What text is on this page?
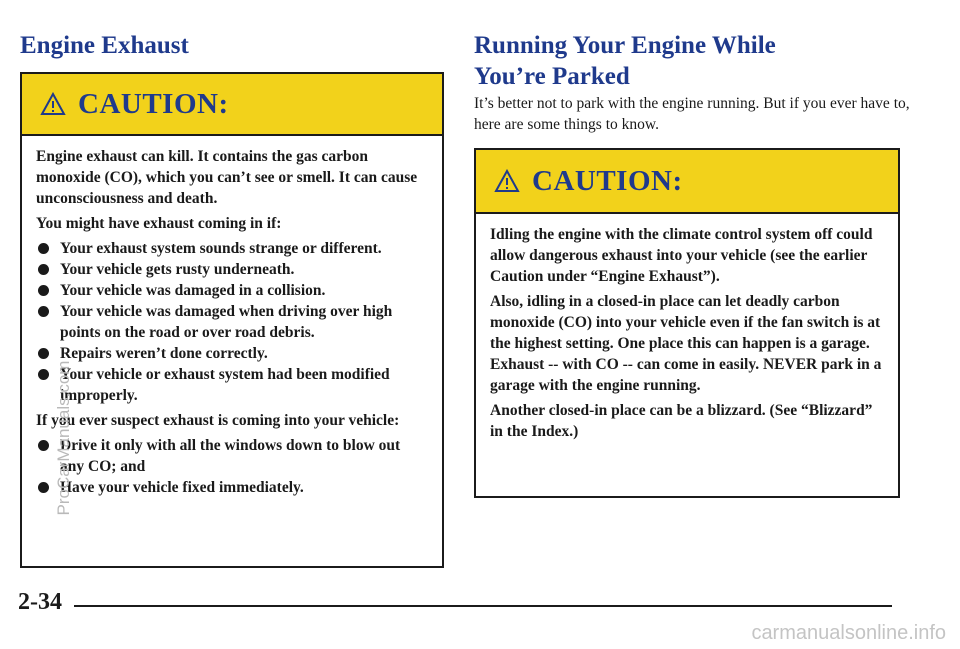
Engine Exhaust
CAUTION:

Engine exhaust can kill. It contains the gas carbon monoxide (CO), which you can’t see or smell. It can cause unconsciousness and death.

You might have exhaust coming in if:

Your exhaust system sounds strange or different.
Your vehicle gets rusty underneath.
Your vehicle was damaged in a collision.
Your vehicle was damaged when driving over high points on the road or over road debris.
Repairs weren’t done correctly.
Your vehicle or exhaust system had been modified improperly.

If you ever suspect exhaust is coming into your vehicle:

Drive it only with all the windows down to blow out any CO; and
Have your vehicle fixed immediately.
Running Your Engine While
You’re Parked
It’s better not to park with the engine running. But if you ever have to, here are some things to know.
CAUTION:

Idling the engine with the climate control system off could allow dangerous exhaust into your vehicle (see the earlier Caution under “Engine Exhaust”).

Also, idling in a closed-in place can let deadly carbon monoxide (CO) into your vehicle even if the fan switch is at the highest setting. One place this can happen is a garage. Exhaust -- with CO -- can come in easily. NEVER park in a garage with the engine running.

Another closed-in place can be a blizzard. (See “Blizzard” in the Index.)

2-34
ProCarManuals.com
carmanualsonline.info
